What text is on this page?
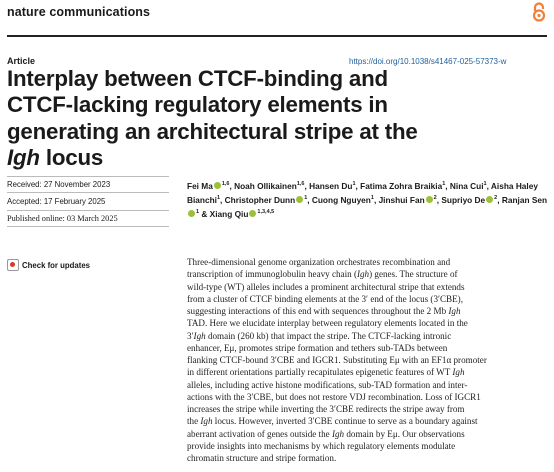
nature communications
Article	https://doi.org/10.1038/s41467-025-57373-w
Interplay between CTCF-binding and
CTCF-lacking regulatory elements in
generating an architectural stripe at the
Igh locus
Received: 27 November 2023
Accepted: 17 February 2025
Published online: 03 March 2025
Check for updates

Fei Ma $^{1,6}$, Noah Ollikainen$^{1,6}$, Hansen Du$^1$, Fatima Zohra Braikia$^1$, Nina Cui$^1$, Aisha Haley Bianchi$^1$, Christopher Dunn $^1$, Cuong Nguyen$^1$, Jinshui Fan $^2$, Supriyo De $^2$, Ranjan Sen$^1$ & Xiang Qiu $^{1,3,4,5}$

Three-dimensional genome organization orchestrates recombination and
transcription of immunoglobulin heavy chain (Igh) genes. The structure of
wild-type (WT) alleles includes a prominent architectural stripe that extends
from a cluster of CTCF binding elements at the 3′ end of the locus (3′CBE),
suggesting interactions of this end with sequences throughout the 2 Mb Igh
TAD. Here we elucidate interplay between regulatory elements located in the
3′Igh domain (260 kb) that impact the stripe. The CTCF-lacking intronic
enhancer, Eμ, promotes stripe formation and tethers sub-TADs between
flanking CTCF-bound 3′CBE and IGCR1. Substituting Eμ with an EF1α promoter
in different orientations partially recapitulates epigenetic features of WT Igh
alleles, including active histone modifications, sub-TAD formation and inter-
actions with the 3′CBE, but does not restore VDJ recombination. Loss of IGCR1
increases the stripe while inverting the 3′CBE redirects the stripe away from
the Igh locus. However, inverted 3′CBE continue to serve as a boundary against
aberrant activation of genes outside the Igh domain by Eμ. Our observations
provide insights into mechanisms by which regulatory elements modulate
chromatin structure and stripe formation.
